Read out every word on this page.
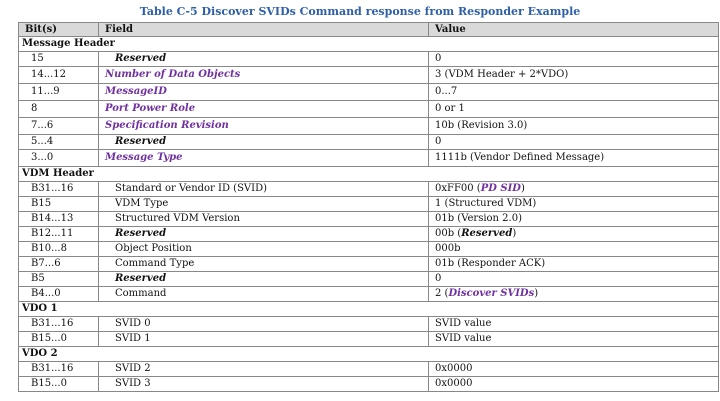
Table C-5 Discover SVIDs Command response from Responder Example
Bit(s)	Field	Value
Message Header		
15	Reserved	0
14...12	Number of Data Objects	3 (VDM Header + 2*VDO)
11...9	MessageID	0...7
8	Port Power Role	0 or 1
7...6	Specification Revision	10b (Revision 3.0)
5...4	Reserved	0
3...0	Message Type	1111b (Vendor Defined Message)
VDM Header		
B31...16	Standard or Vendor ID (SVID)	0xFF00 (PD SID)
B15	VDM Type	1 (Structured VDM)
B14...13	Structured VDM Version	01b (Version 2.0)
B12...11	Reserved	00b (Reserved)
B10...8	Object Position	000b
B7...6	Command Type	01b (Responder ACK)
B5	Reserved	0
B4...0	Command	2 (Discover SVIDs)
VDO 1		
B31...16	SVID 0	SVID value
B15...0	SVID 1	SVID value
VDO 2		
B31...16	SVID 2	0x0000
B15...0	SVID 3	0x0000
